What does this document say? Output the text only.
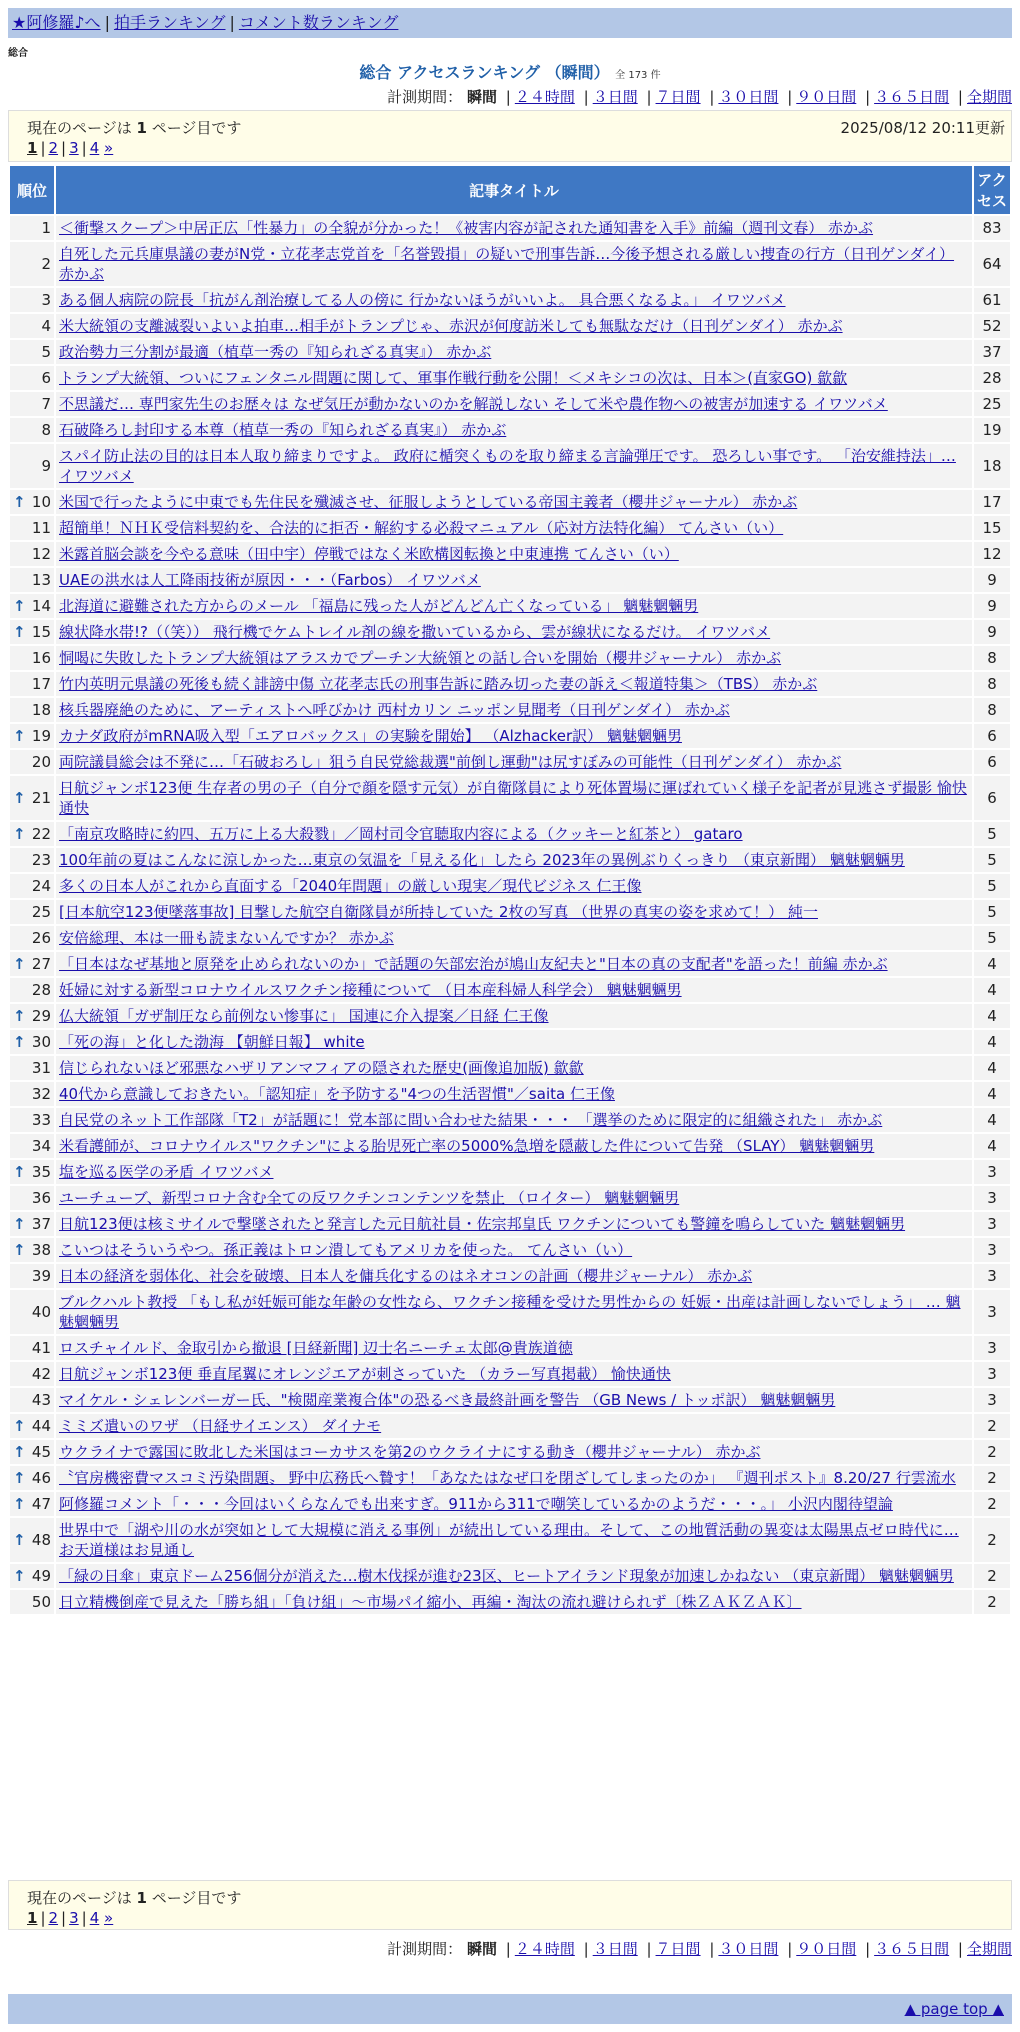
★阿修羅♪へ | 拍手ランキング | コメント数ランキング
総合
総合 アクセスランキング （瞬間） 全 173 件
計測期間： 瞬間 | ２４時間 | ３日間 | ７日間 | ３０日間 | ９０日間 | ３６５日間 | 全期間
現在のページは 1 ページ目です	2025/08/12 20:11更新
1 | 2 | 3 | 4 »
順位	記事タイトル	アクセス
1	＜衝撃スクープ＞中居正広「性暴力」の全貌が分かった！《被害内容が記された通知書を入手》前編（週刊文春） 赤かぶ	83
2	自死した元兵庫県議の妻がN党・立花孝志党首を「名誉毀損」の疑いで刑事告訴…今後予想される厳しい捜査の行方（日刊ゲンダイ） 赤かぶ	64
3	ある個人病院の院長「抗がん剤治療してる人の傍に 行かないほうがいいよ。 具合悪くなるよ。」 イワツバメ	61
4	米大統領の支離滅裂いよいよ拍車…相手がトランプじゃ、赤沢が何度訪米しても無駄なだけ（日刊ゲンダイ） 赤かぶ	52
5	政治勢力三分割が最適（植草一秀の『知られざる真実』） 赤かぶ	37
6	トランプ大統領、ついにフェンタニル問題に関して、軍事作戦行動を公開！＜メキシコの次は、日本＞(直家GO) 歙歙	28
7	不思議だ… 専門家先生のお歴々は なぜ気圧が動かないのかを解説しない そして米や農作物への被害が加速する イワツバメ	25
8	石破降ろし封印する本尊（植草一秀の『知られざる真実』） 赤かぶ	19
9	スパイ防止法の目的は日本人取り締まりですよ。 政府に楯突くものを取り締まる言論弾圧です。 恐ろしい事です。 「治安維持法」… イワツバメ	18

↑ 10	米国で行ったように中東でも先住民を殲滅させ、征服しようとしている帝国主義者（櫻井ジャーナル） 赤かぶ	17
11	超簡単！ＮＨＫ受信料契約を、合法的に拒否・解約する必殺マニュアル（応対方法特化編） てんさい（い）	15
12	米露首脳会談を今やる意味（田中宇）停戦ではなく米欧構図転換と中東連携 てんさい（い）	12
13	UAEの洪水は人工降雨技術が原因・・・（Farbos） イワツバメ	9

↑ 14	北海道に避難された方からのメール 「福島に残った人がどんどん亡くなっている」 魑魅魍魎男	9

↑ 15	線状降水帯!?（（笑）） 飛行機でケムトレイル剤の線を撒いているから、雲が線状になるだけ。 イワツバメ	9
16	恫喝に失敗したトランプ大統領はアラスカでプーチン大統領との話し合いを開始（櫻井ジャーナル） 赤かぶ	8
17	竹内英明元県議の死後も続く誹謗中傷 立花孝志氏の刑事告訴に踏み切った妻の訴え＜報道特集＞（TBS） 赤かぶ	8
18	核兵器廃絶のために、アーティストへ呼びかけ 西村カリン ニッポン見聞考（日刊ゲンダイ） 赤かぶ	8

↑ 19	カナダ政府がmRNA吸入型「エアロバックス」の実験を開始】 （Alzhacker訳） 魑魅魍魎男	6
20	両院議員総会は不発に…「石破おろし」狙う自民党総裁選"前倒し運動"は尻すぼみの可能性（日刊ゲンダイ） 赤かぶ	6

↑ 21	日航ジャンボ123便 生存者の男の子（自分で顔を隠す元気）が自衛隊員により死体置場に運ばれていく様子を記者が見逃さず撮影 愉快通快	6

↑ 22	「南京攻略時に約四、五万に上る大殺戮」／岡村司令官聴取内容による（クッキーと紅茶と） gataro	5
23	100年前の夏はこんなに涼しかった…東京の気温を「見える化」したら 2023年の異例ぶりくっきり （東京新聞） 魑魅魍魎男	5
24	多くの日本人がこれから直面する「2040年問題」の厳しい現実／現代ビジネス 仁王像	5
25	[日本航空123便墜落事故] 目撃した航空自衛隊員が所持していた 2枚の写真 （世界の真実の姿を求めて！） 純一	5
26	安倍総理、本は一冊も読まないんですか？ 赤かぶ	5

↑ 27	「日本はなぜ基地と原発を止められないのか」で話題の矢部宏治が鳩山友紀夫と"日本の真の支配者"を語った！前編 赤かぶ	4
28	妊婦に対する新型コロナウイルスワクチン接種について （日本産科婦人科学会） 魑魅魍魎男	4

↑ 29	仏大統領「ガザ制圧なら前例ない惨事に」 国連に介入提案／日経 仁王像	4

↑ 30	「死の海」と化した渤海 【朝鮮日報】 white	4
31	信じられないほど邪悪なハザリアンマフィアの隠された歴史(画像追加版) 歙歙	4
32	40代から意識しておきたい。「認知症」を予防する"4つの生活習慣"／saita 仁王像	4
33	自民党のネット工作部隊「T2」が話題に！党本部に問い合わせた結果・・・ 「選挙のために限定的に組織された」 赤かぶ	4
34	米看護師が、コロナウイルス"ワクチン"による胎児死亡率の5000%急増を隠蔽した件について告発 （SLAY） 魑魅魍魎男	4

↑ 35	塩を巡る医学の矛盾 イワツバメ	3
36	ユーチューブ、新型コロナ含む全ての反ワクチンコンテンツを禁止 （ロイター） 魑魅魍魎男	3

↑ 37	日航123便は核ミサイルで撃墜されたと発言した元日航社員・佐宗邦皇氏 ワクチンについても警鐘を鳴らしていた 魑魅魍魎男	3

↑ 38	こいつはそういうやつ。孫正義はトロン潰してもアメリカを使った。 てんさい（い）	3
39	日本の経済を弱体化、社会を破壊、日本人を傭兵化するのはネオコンの計画（櫻井ジャーナル） 赤かぶ	3
40	ブルクハルト教授 「もし私が妊娠可能な年齢の女性なら、ワクチン接種を受けた男性からの 妊娠・出産は計画しないでしょう」 … 魑魅魍魎男	3
41	ロスチャイルド、金取引から撤退 [日経新聞] 辺士名ニーチェ太郎@貴族道徳	3
42	日航ジャンボ123便 垂直尾翼にオレンジエアが刺さっていた （カラー写真掲載） 愉快通快	3
43	マイケル・シェレンバーガー氏、"検閲産業複合体"の恐るべき最終計画を警告 （GB News / トッポ訳） 魑魅魍魎男	3

↑ 44	ミミズ遣いのワザ （日経サイエンス） ダイナモ	2

↑ 45	ウクライナで露国に敗北した米国はコーカサスを第2のウクライナにする動き（櫻井ジャーナル） 赤かぶ	2

↑ 46	〝官房機密費マスコミ汚染問題〟 野中広務氏へ贄す！「あなたはなぜ口を閉ざしてしまったのか」 『週刊ポスト』8.20/27 行雲流水	2

↑ 47	阿修羅コメント「・・・今回はいくらなんでも出来すぎ。911から311で嘲笑しているかのようだ・・・。」 小沢内閣待望論	2

↑ 48	世界中で「湖や川の水が突如として大規模に消える事例」が続出している理由。そして、この地質活動の異変は太陽黒点ゼロ時代に… お天道様はお見通し	2

↑ 49	「緑の日傘」東京ドーム256個分が消えた…樹木伐採が進む23区、ヒートアイランド現象が加速しかねない （東京新聞） 魑魅魍魎男	2
50	日立精機倒産で見えた「勝ち組」「負け組」～市場パイ縮小、再編・淘汰の流れ避けられず〔株ＺＡＫＺＡＫ〕	2
現在のページは 1 ページ目です
1 | 2 | 3 | 4 »
計測期間： 瞬間 | ２４時間 | ３日間 | ７日間 | ３０日間 | ９０日間 | ３６５日間 | 全期間
▲ page top ▲
